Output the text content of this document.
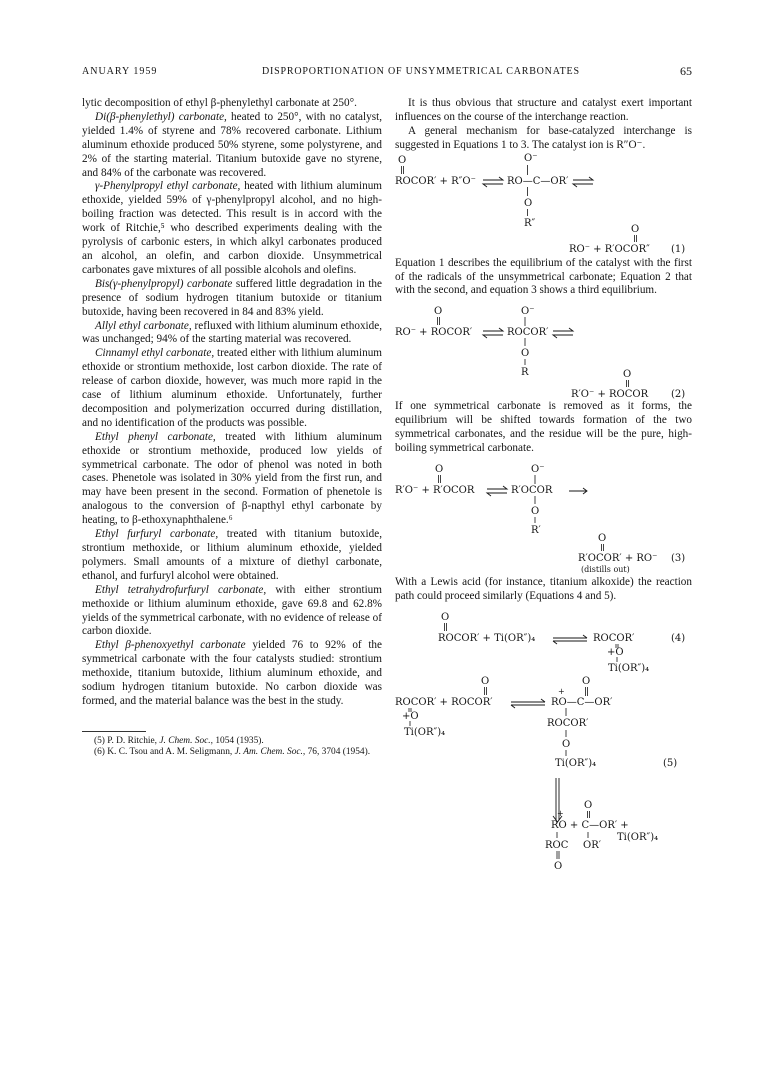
ANUARY 1959	DISPROPORTIONATION OF UNSYMMETRICAL CARBONATES	65

lytic decomposition of ethyl β-phenylethyl carbonate at 250°.

Di(β-phenylethyl) carbonate, heated to 250°, with no catalyst, yielded 1.4% of styrene and 78% recovered carbonate. Lithium aluminum ethoxide produced 50% styrene, some polystyrene, and 2% of the starting material. Titanium butoxide gave no styrene, and 84% of the carbonate was recovered.

γ-Phenylpropyl ethyl carbonate, heated with lithium aluminum ethoxide, yielded 59% of γ-phenylpropyl alcohol, and no high-boiling fraction was detected. This result is in accord with the work of Ritchie,⁵ who described experiments dealing with the pyrolysis of carbonic esters, in which alkyl carbonates produced an alcohol, an olefin, and carbon dioxide. Unsymmetrical carbonates gave mixtures of all possible alcohols and olefins.

Bis(γ-phenylpropyl) carbonate suffered little degradation in the presence of sodium hydrogen titanium butoxide or titanium butoxide, having been recovered in 84 and 83% yield.

Allyl ethyl carbonate, refluxed with lithium aluminum ethoxide, was unchanged; 94% of the starting material was recovered.

Cinnamyl ethyl carbonate, treated either with lithium aluminum ethoxide or strontium methoxide, lost carbon dioxide. The rate of release of carbon dioxide, however, was much more rapid in the case of lithium aluminum ethoxide. Unfortunately, further decomposition and polymerization occurred during distillation, and no identification of the products was possible.

Ethyl phenyl carbonate, treated with lithium aluminum ethoxide or strontium methoxide, produced low yields of symmetrical carbonate. The odor of phenol was noted in both cases. Phenetole was isolated in 30% yield from the first run, and may have been present in the second. Formation of phenetole is analogous to the conversion of β-napthyl ethyl carbonate by heating, to β-ethoxynaphthalene.⁶

Ethyl furfuryl carbonate, treated with titanium butoxide, strontium methoxide, or lithium aluminum ethoxide, yielded polymers. Small amounts of a mixture of diethyl carbonate, ethanol, and furfuryl alcohol were obtained.

Ethyl tetrahydrofurfuryl carbonate, with either strontium methoxide or lithium aluminum ethoxide, gave 69.8 and 62.8% yields of the symmetrical carbonate, with no evidence of release of carbon dioxide.

Ethyl β-phenoxyethyl carbonate yielded 76 to 92% of the symmetrical carbonate with the four catalysts studied: strontium methoxide, titanium butoxide, lithium aluminum ethoxide, and sodium hydrogen titanium butoxide. No carbon dioxide was formed, and the material balance was the best in the study.

(5) P. D. Ritchie, J. Chem. Soc., 1054 (1935).

(6) K. C. Tsou and A. M. Seligmann, J. Am. Chem. Soc., 76, 3704 (1954).

It is thus obvious that structure and catalyst exert important influences on the course of the interchange reaction.

A general mechanism for base-catalyzed interchange is suggested in Equations 1 to 3. The catalyst ion is R″O⁻.

O
ROCOR′ + R″O⁻	RO—C—OR′
O⁻
O
R″
O
RO⁻ + R′OCOR″ (1)

Equation 1 describes the equilibrium of the catalyst with the first of the radicals of the unsymmetrical carbonate; Equation 2 that with the second, and equation 3 shows a third equilibrium.

O
RO⁻ + ROCOR′	ROCOR′
O⁻
O
R	O
R′O⁻ + ROCOR (2)

If one symmetrical carbonate is removed as it forms, the equilibrium will be shifted towards formation of the two symmetrical carbonates, and the residue will be the pure, high-boiling symmetrical carbonate.

O
R′O⁻ + R′OCOR	R′OCOR
O⁻
O
R′
O
R′OCOR′ + RO⁻ (3)
(distills out)

With a Lewis acid (for instance, titanium alkoxide) the reaction path could proceed similarly (Equations 4 and 5).

O
ROCOR′ + Ti(OR″)₄	ROCOR′	(4)
+O
Ti(OR″)₄
O
ROCOR′ + ROCOR′	RO—C—OR′
+
O
ROCOR′
O
Ti(OR″)₄	(5)
+O
Ti(OR″)₄
O
RO + C—OR′ +
+
Ti(OR″)₄
ROC OR′
O
